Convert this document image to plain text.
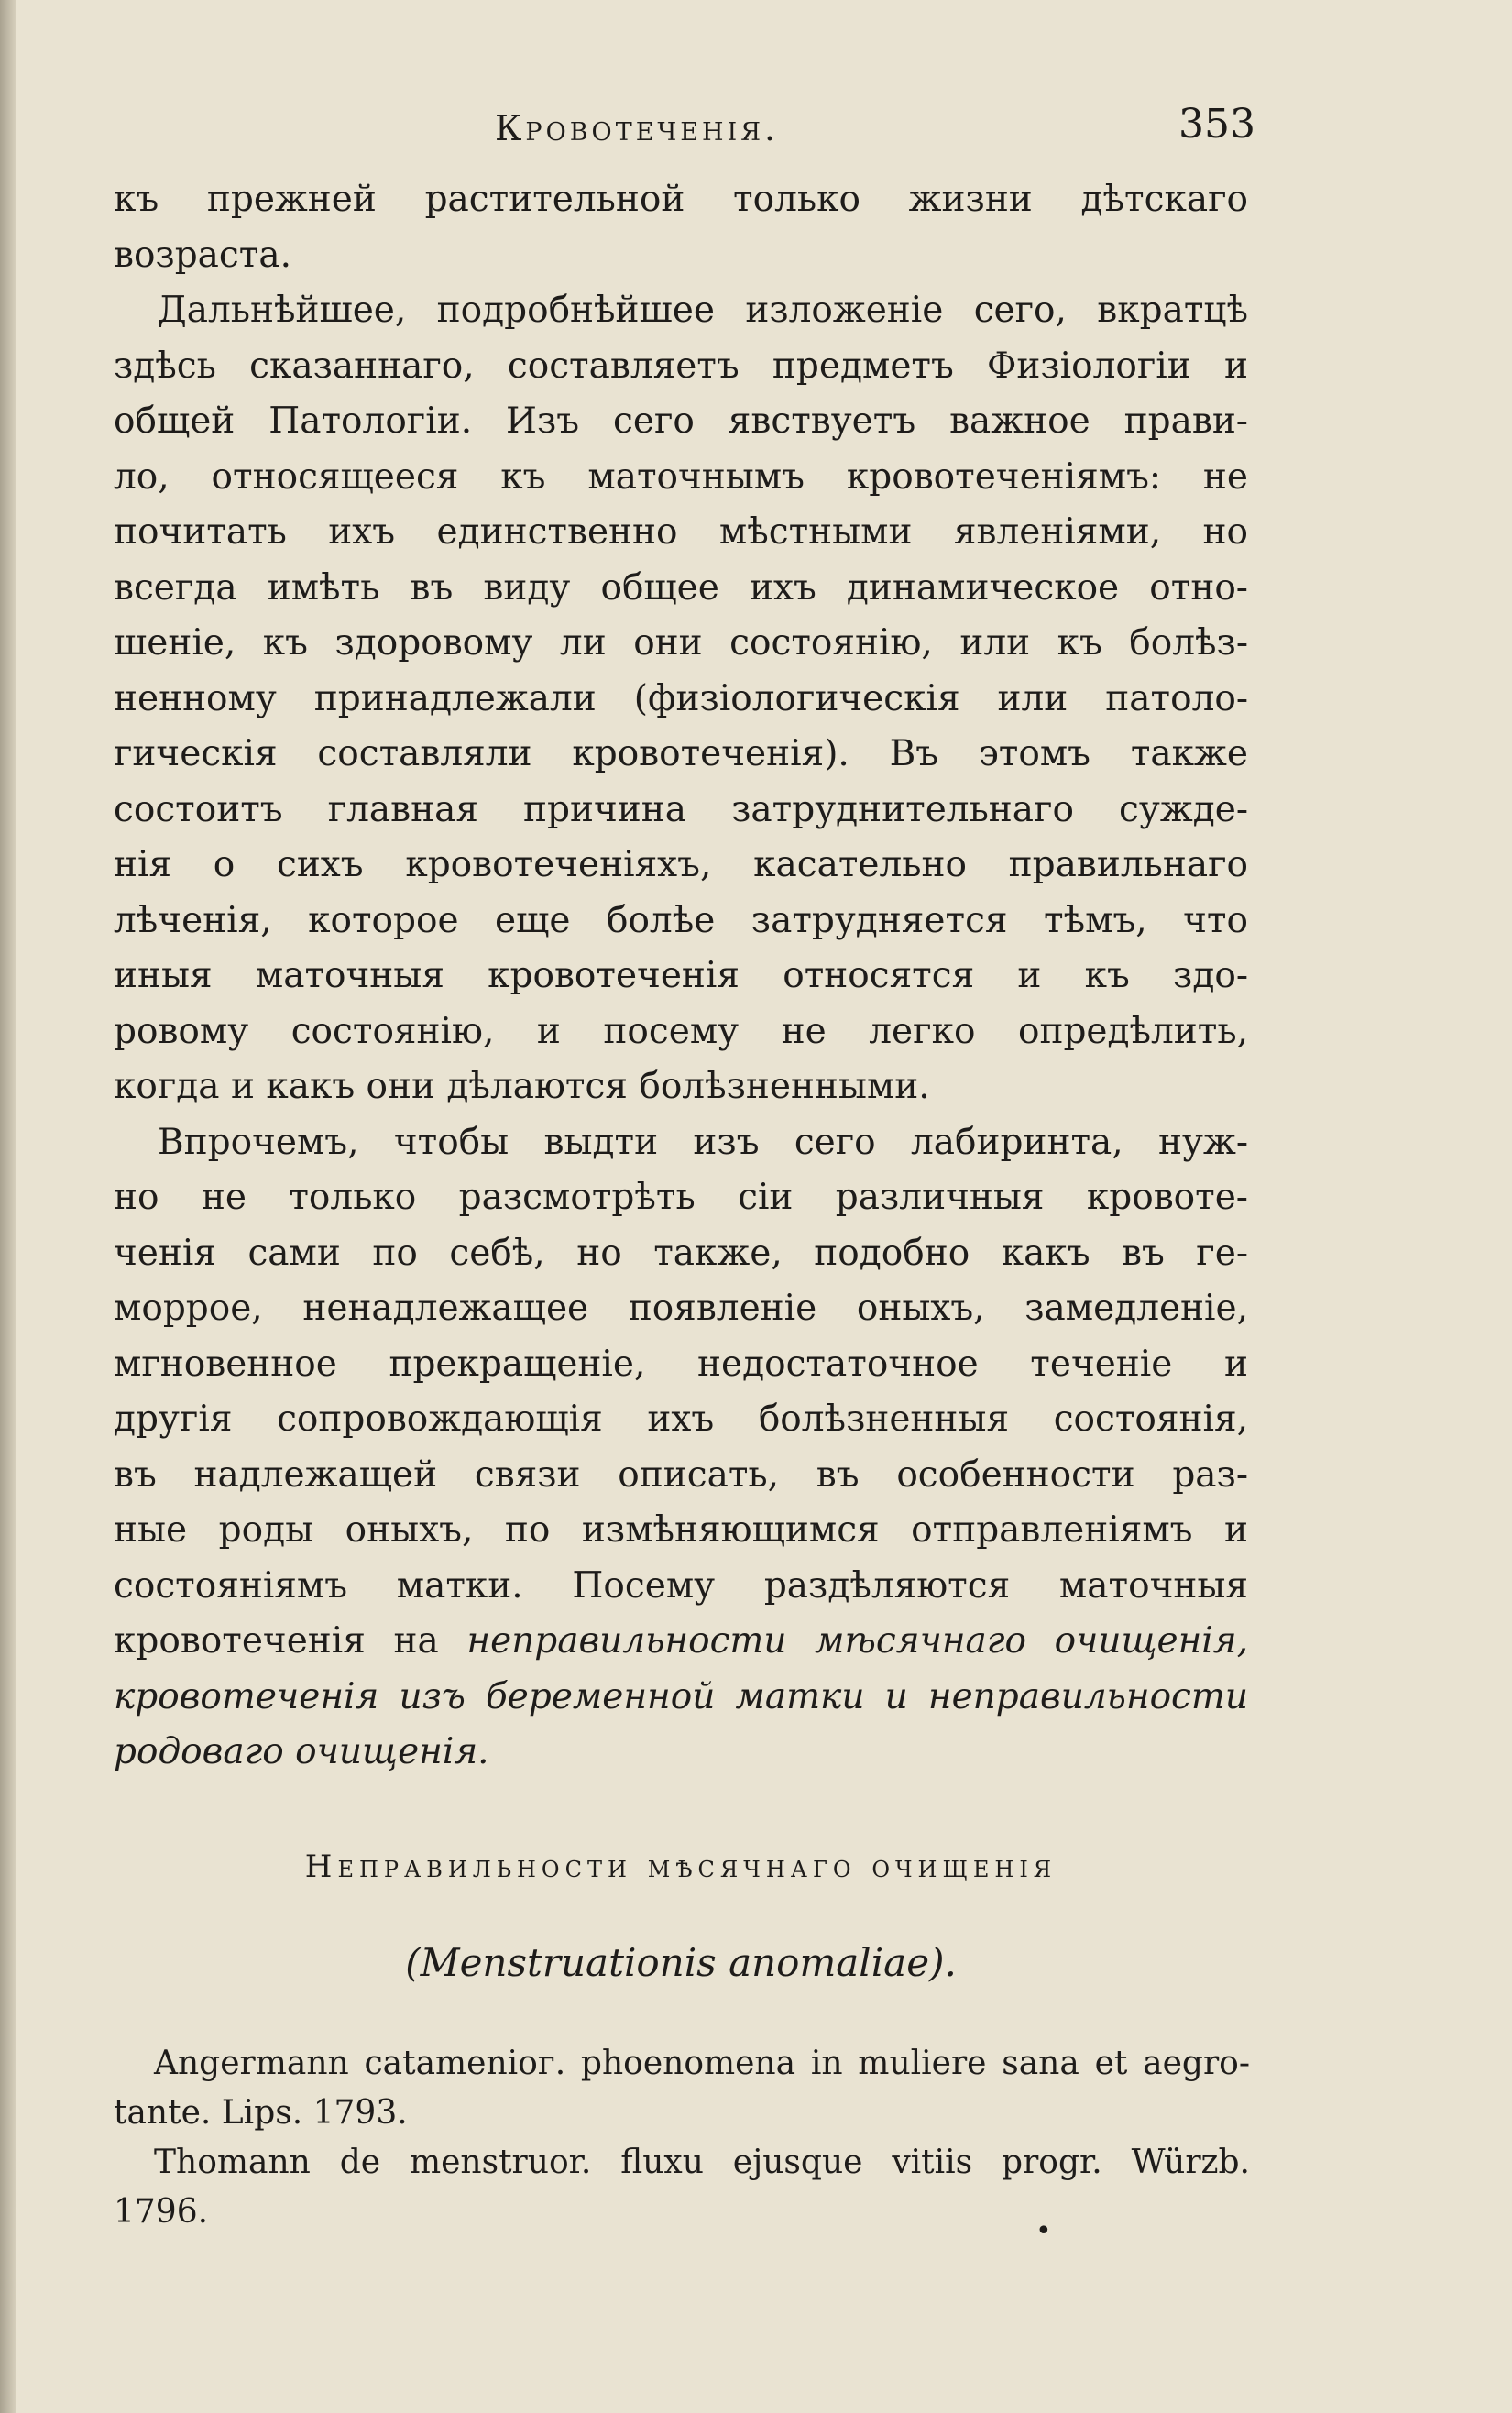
Кровотеченія.	353
къ прежней растительной только жизни дѣтскаго
возраста.
Дальнѣйшее, подробнѣйшее изложеніе сего, вкратцѣ
здѣсь сказаннаго, составляетъ предметъ Физіологіи и
общей Патологіи. Изъ сего явствуетъ важное прави-
ло, относящееся къ маточнымъ кровотеченіямъ: не
почитать ихъ единственно мѣстными явленіями, но
всегда имѣть въ виду общее ихъ динамическое отно-
шеніе, къ здоровому ли они состоянію, или къ болѣз-
ненному принадлежали (физіологическія или патоло-
гическія составляли кровотеченія). Въ этомъ также
состоитъ главная причина затруднительнаго сужде-
нія о сихъ кровотеченіяхъ, касательно правильнаго
лѣченія, которое еще болѣе затрудняется тѣмъ, что
иныя маточныя кровотеченія относятся и къ здо-
ровому состоянію, и посему не легко опредѣлить,
когда и какъ они дѣлаются болѣзненными.
Впрочемъ, чтобы выдти изъ сего лабиринта, нуж-
но не только разсмотрѣть сіи различныя кровоте-
ченія сами по себѣ, но также, подобно какъ въ ге-
моррое, ненадлежащее появленіе оныхъ, замедленіе,
мгновенное прекращеніе, недостаточное теченіе и
другія сопровождающія ихъ болѣзненныя состоянія,
въ надлежащей связи описать, въ особенности раз-
ные роды оныхъ, по измѣняющимся отправленіямъ и
состояніямъ матки. Посему раздѣляются маточныя
кровотеченія на неправильности мѣсячнаго очищенія,
кровотеченія изъ беременной матки и неправильности
родоваго очищенія.
Неправильности мѣсячнаго очищенія
(Menstruationis anomaliae).
Angermann catameniог. phoenomena in muliere sana et aegro-
tante. Lips. 1793.
Thomann de menstruor. fluxu ejusque vitiis progr. Würzb.
1796.
•
